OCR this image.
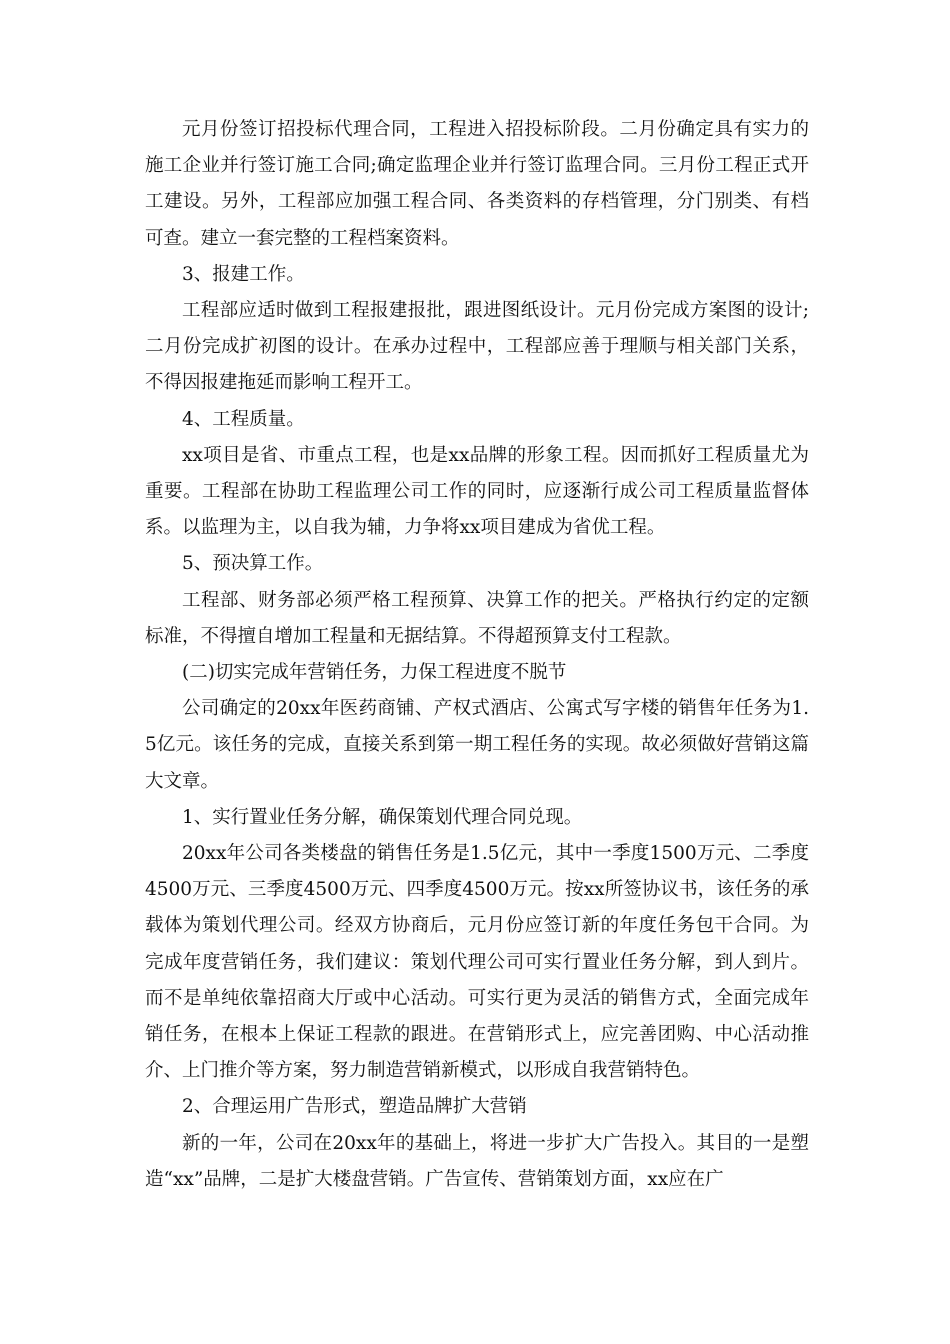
元月份签订招投标代理合同，工程进入招投标阶段。二月份确定具有实力的施工企业并行签订施工合同;确定监理企业并行签订监理合同。三月份工程正式开工建设。另外，工程部应加强工程合同、各类资料的存档管理，分门别类、有档可查。建立一套完整的工程档案资料。

3、报建工作。

工程部应适时做到工程报建报批，跟进图纸设计。元月份完成方案图的设计;二月份完成扩初图的设计。在承办过程中，工程部应善于理顺与相关部门关系，不得因报建拖延而影响工程开工。

4、工程质量。

xx项目是省、市重点工程，也是xx品牌的形象工程。因而抓好工程质量尤为重要。工程部在协助工程监理公司工作的同时，应逐渐行成公司工程质量监督体系。以监理为主，以自我为辅，力争将xx项目建成为省优工程。

5、预决算工作。

工程部、财务部必须严格工程预算、决算工作的把关。严格执行约定的定额标准，不得擅自增加工程量和无据结算。不得超预算支付工程款。

(二)切实完成年营销任务，力保工程进度不脱节

公司确定的20xx年医药商铺、产权式酒店、公寓式写字楼的销售年任务为1.5亿元。该任务的完成，直接关系到第一期工程任务的实现。故必须做好营销这篇大文章。

1、实行置业任务分解，确保策划代理合同兑现。

20xx年公司各类楼盘的销售任务是1.5亿元，其中一季度1500万元、二季度4500万元、三季度4500万元、四季度4500万元。按xx所签协议书，该任务的承载体为策划代理公司。经双方协商后，元月份应签订新的年度任务包干合同。为完成年度营销任务，我们建议：策划代理公司可实行置业任务分解，到人到片。而不是单纯依靠招商大厅或中心活动。可实行更为灵活的销售方式，全面完成年销任务，在根本上保证工程款的跟进。在营销形式上，应完善团购、中心活动推介、上门推介等方案，努力制造营销新模式，以形成自我营销特色。

2、合理运用广告形式，塑造品牌扩大营销

新的一年，公司在20xx年的基础上，将进一步扩大广告投入。其目的一是塑造“xx”品牌，二是扩大楼盘营销。广告宣传、营销策划方面，xx应在广
